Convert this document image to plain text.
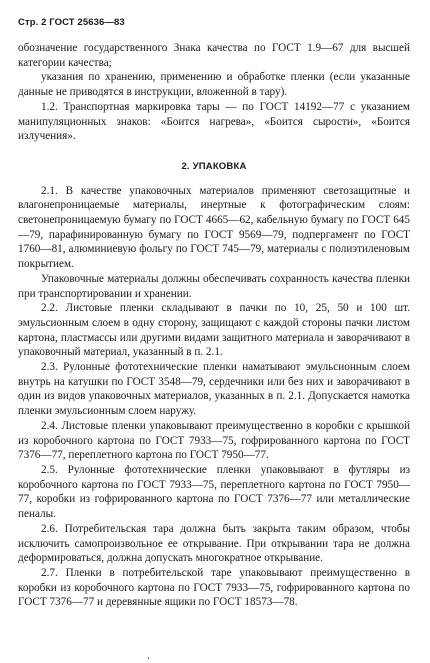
Стр. 2 ГОСТ 25636—83

обозначение государственного Знака качества по ГОСТ 1.9—67 для высшей категории качества;

указания по хранению, применению и обработке пленки (если указанные данные не приводятся в инструкции, вложенной в тару).

1.2. Транспортная маркировка тары — по ГОСТ 14192—77 с указанием манипуляционных знаков: «Боится нагрева», «Боится сырости», «Боится излучения».

2. УПАКОВКА

2.1. В качестве упаковочных материалов применяют светозащитные и влагонепроницаемые материалы, инертные к фотографическим слоям: светонепроницаемую бумагу по ГОСТ 4665—62, кабельную бумагу по ГОСТ 645—79, парафинированную бумагу по ГОСТ 9569—79, подпергамент по ГОСТ 1760—81, алюминиевую фольгу по ГОСТ 745—79, материалы с полиэтиленовым покрытием.

Упаковочные материалы должны обеспечивать сохранность качества пленки при транспортировании и хранении.

2.2. Листовые пленки складывают в пачки по 10, 25, 50 и 100 шт. эмульсионным слоем в одну сторону, защищают с каждой стороны пачки листом картона, пластмассы или другими видами защитного материала и заворачивают в упаковочный материал, указанный в п. 2.1.

2.3. Рулонные фототехнические пленки наматывают эмульсионным слоем внутрь на катушки по ГОСТ 3548—79, сердечники или без них и заворачивают в один из видов упаковочных материалов, указанных в п. 2.1. Допускается намотка пленки эмульсионным слоем наружу.

2.4. Листовые пленки упаковывают преимущественно в коробки с крышкой из коробочного картона по ГОСТ 7933—75, гофрированного картона по ГОСТ 7376—77, переплетного картона по ГОСТ 7950—77.

2.5. Рулонные фототехнические пленки упаковывают в футляры из коробочного картона по ГОСТ 7933—75, переплетного картона по ГОСТ 7950—77, коробки из гофрированного картона по ГОСТ 7376—77 или металлические пеналы.

2.6. Потребительская тара должна быть закрыта таким образом, чтобы исключить самопроизвольное ее открывание. При открывании тара не должна деформироваться, должна допускать многократное открывание.

2.7. Пленки в потребительской таре упаковывают преимущественно в коробки из коробочного картона по ГОСТ 7933—75, гофрированного картона по ГОСТ 7376—77 и деревянные ящики по ГОСТ 18573—78.
